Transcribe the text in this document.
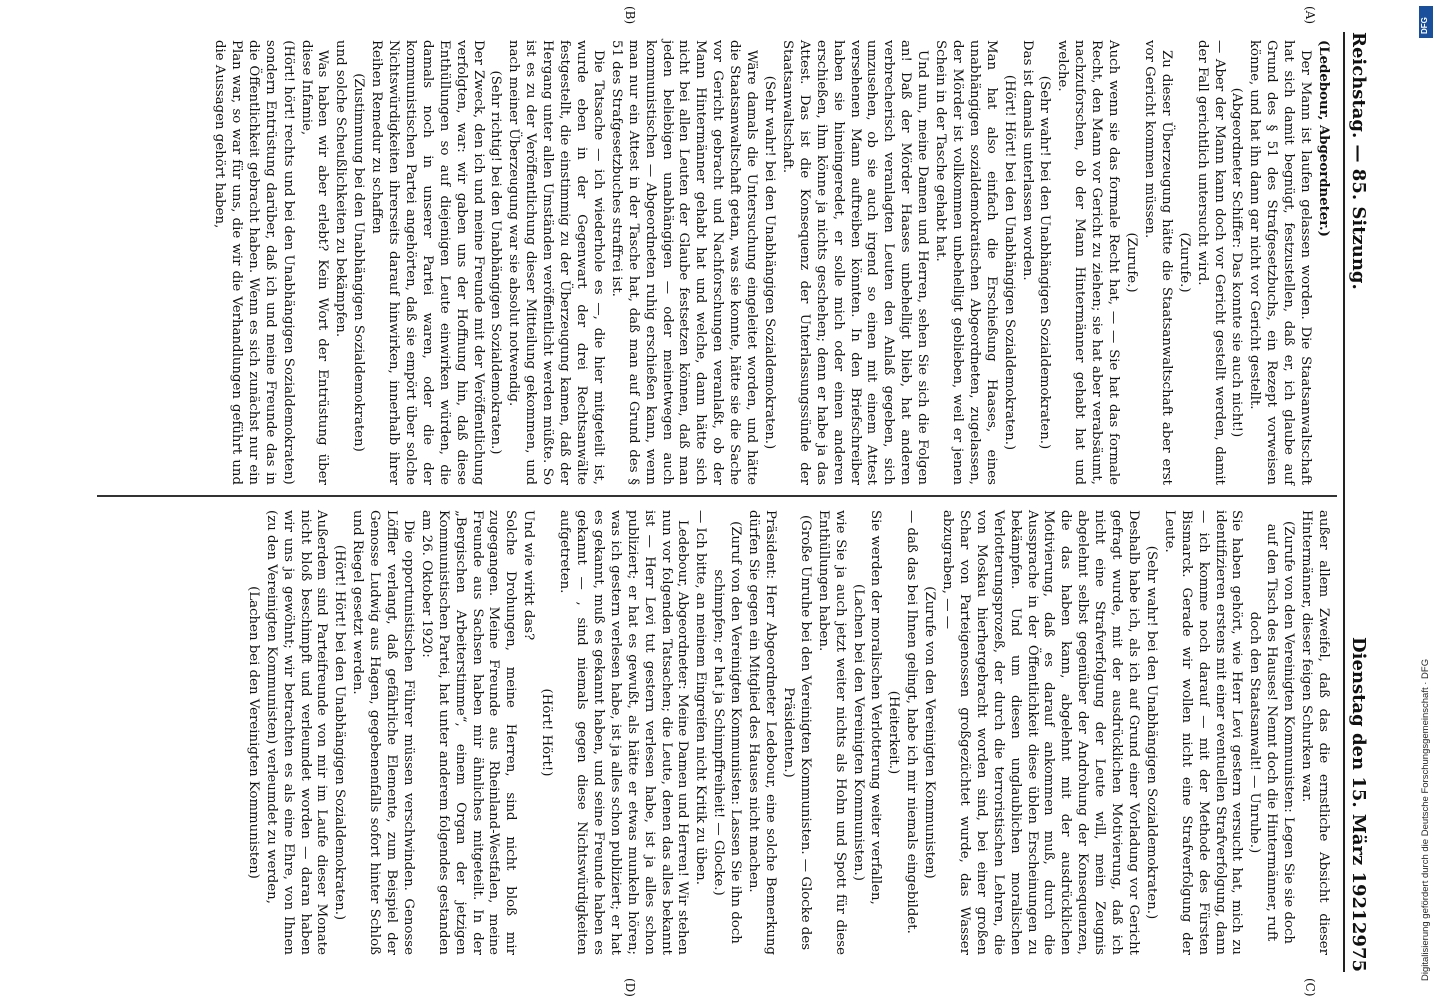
Reichstag. — 85. Sitzung.
Dienstag den 15. März 1921.
2975
(A)
(B)
(C)
(D)

(Ledebour, Abgeordneter.)

Der Mann ist laufen gelassen worden. Die Staatsanwaltschaft hat sich damit begnügt, festzustellen, daß er, ich glaube auf Grund des § 51 des Strafgesetzbuchs, ein Rezept vorweisen könne, und hat ihn dann gar nicht vor Gericht gestellt.

(Abgeordneter Schiffer: Das konnte sie auch nicht!)

— Aber der Mann kann doch vor Gericht gestellt werden, damit der Fall gerichtlich untersucht wird.

(Zurufe.)

Zu dieser Überzeugung hätte die Staatsanwaltschaft aber erst vor Gericht kommen müssen.

(Zurufe.)

Auch wenn sie das formale Recht hat, — — Sie hat das formale Recht, den Mann vor Gericht zu ziehen; sie hat aber verabsäumt, nachzuforschen, ob der Mann Hintermänner gehabt hat und welche.

(Sehr wahr! bei den Unabhängigen Sozialdemokraten.)

Das ist damals unterlassen worden.

(Hört! Hört! bei den Unabhängigen Sozialdemokraten.)

Man hat also einfach die Erschießung Haases, eines unabhängigen sozialdemokratischen Abgeordneten, zugelassen, der Mörder ist vollkommen unbehelligt geblieben, weil er jenen Schein in der Tasche gehabt hat.

Und nun, meine Damen und Herren, sehen Sie sich die Folgen an! Daß der Mörder Haases unbehelligt blieb, hat anderen verbrecherisch veranlagten Leuten den Anlaß gegeben, sich umzusehen, ob sie auch irgend so einen mit einem Attest versehenen Mann auftreiben könnten. In den Briefschreiber haben sie hineingeredet, er solle mich oder einen anderen erschießen, ihm könne ja nichts geschehen; denn er habe ja das Attest. Das ist die Konsequenz der Unterlassungssünde der Staatsanwaltschaft.

(Sehr wahr! bei den Unabhängigen Sozialdemokraten.)

Wäre damals die Untersuchung eingeleitet worden, und hätte die Staatsanwaltschaft getan, was sie konnte, hätte sie die Sache vor Gericht gebracht und Nachforschungen veranlaßt, ob der Mann Hintermänner gehabt hat und welche, dann hätte sich nicht bei allen Leuten der Glaube festsetzen können, daß man jeden beliebigen unabhängigen — oder meinetwegen auch kommunistischen — Abgeordneten ruhig erschießen kann, wenn man nur ein Attest in der Tasche hat, daß man auf Grund des § 51 des Strafgesetzbuches straffrei ist.

Die Tatsache — ich wiederhole es —, die hier mitgeteilt ist, wurde eben in der Gegenwart der drei Rechtsanwälte festgestellt, die einstimmig zu der Überzeugung kamen, daß der Hergang unter allen Umständen veröffentlicht werden müßte. So ist es zu der Veröffentlichung dieser Mitteilung gekommen, und nach meiner Überzeugung war sie absolut notwendig.

(Sehr richtig! bei den Unabhängigen Sozialdemokraten.)

Der Zweck, den ich und meine Freunde mit der Veröffentlichung verfolgten, war: wir gaben uns der Hoffnung hin, daß diese Enthüllungen so auf diejenigen Leute einwirken würden, die damals noch in unserer Partei waren, oder die der kommunistischen Partei angehörten, daß sie empört über solche Nichtswürdigkeiten ihrerseits darauf hinwirken, innerhalb ihrer Reihen Remedur zu schaffen

(Zustimmung bei den Unabhängigen Sozialdemokraten)

und solche Scheußlichkeiten zu bekämpfen.

Was haben wir aber erlebt? Kein Wort der Entrüstung über diese Infamie,

(Hört! hört! rechts und bei den Unabhängigen Sozialdemokraten)

sondern Entrüstung darüber, daß ich und meine Freunde das in die Öffentlichkeit gebracht haben. Wenn es sich zunächst nur ein Plan war, so war für uns, die wir die Verhandlungen geführt und die Aussagen gehört haben,

außer allem Zweifel, daß das die ernstliche Absicht dieser Hintermänner, dieser feigen Schurken war.

(Zurufe von den Vereinigten Kommunisten: Legen Sie sie doch auf den Tisch des Hauses! Nennt doch die Hintermänner, ruft doch den Staatsanwalt! — Unruhe.)

Sie haben gehört, wie Herr Levi gestern versucht hat, mich zu identifizieren erstens mit einer eventuellen Strafverfolgung, dann — ich komme noch darauf — mit der Methode des Fürsten Bismarck. Gerade wir wollen nicht eine Strafverfolgung der Leute.

(Sehr wahr! bei den Unabhängigen Sozialdemokraten.)

Deshalb habe ich, als ich auf Grund einer Vorladung vor Gericht gefragt wurde, mit der ausdrücklichen Motivierung, daß ich nicht eine Strafverfolgung der Leute will, mein Zeugnis abgelehnt selbst gegenüber der Androhung der Konsequenzen, die das haben kann, abgelehnt mit der ausdrücklichen Motivierung, daß es darauf ankommen muß, durch die Aussprache in der Öffentlichkeit diese üblen Erscheinungen zu bekämpfen. Und um diesen unglaublichen moralischen Verlotterungsprozeß, der durch die terroristischen Lehren, die von Moskau hierhergebracht worden sind, bei einer großen Schar von Parteigenossen großgezüchtet wurde, das Wasser abzugraben, — —

(Zurufe von den Vereinigten Kommunisten)

— daß das bei Ihnen gelingt, habe ich mir niemals eingebildet.

(Heiterkeit.)

Sie werden der moralischen Verlotterung weiter verfallen,

(Lachen bei den Vereinigten Kommunisten.)

wie Sie ja auch jetzt weiter nichts als Hohn und Spott für diese Enthüllungen haben.

(Große Unruhe bei den Vereinigten Kommunisten. — Glocke des Präsidenten.)

Präsident: Herr Abgeordneter Ledebour, eine solche Bemerkung dürfen Sie gegen ein Mitglied des Hauses nicht machen.

(Zuruf von den Vereinigten Kommunisten: Lassen Sie ihn doch schimpfen; er hat ja Schimpffreiheit! — Glocke.)

— Ich bitte, an meinem Eingreifen nicht Kritik zu üben.

Ledebour, Abgeordneter: Meine Damen und Herren! Wir stehen nun vor folgenden Tatsachen; die Leute, denen das alles bekannt ist — Herr Levi tut gestern verlesen habe, ist ja alles schon publiziert; er hat es gewußt, als hätte er etwas munkeln hören; was ich gestern verlesen habe, ist ja alles schon publiziert; er hat es gekannt, muß es gekannt haben, und seine Freunde haben es gekannt — , sind niemals gegen diese Nichtswürdigkeiten aufgetreten.

(Hört! Hört!)

Und wie wirkt das?

Solche Drohungen, meine Herren, sind nicht bloß mir zugegangen. Meine Freunde aus Rheinland-Westfalen, meine Freunde aus Sachsen haben mir ähnliches mitgeteilt. In der „Bergischen Arbeiterstimme“, einem Organ der jetzigen Kommunistischen Partei, hat unter anderem folgendes gestanden am 26. Oktober 1920:

Die opportunistischen Führer müssen verschwinden. Genosse Löffler verlangt, daß gefährliche Elemente, zum Beispiel der Genosse Ludwig aus Hagen, gegebenenfalls sofort hinter Schloß und Riegel gesetzt werden.

(Hört! Hört! bei den Unabhängigen Sozialdemokraten.)

Außerdem sind Parteifreunde von mir im Laufe dieser Monate nicht bloß beschimpft und verleumdet worden — daran haben wir uns ja gewöhnt; wir betrachten es als eine Ehre, von Ihnen (zu den Vereinigten Kommunisten) verleumdet zu werden,

(Lachen bei den Vereinigten Kommunisten)	Digitalisierung gefördert durch die Deutsche Forschungsgemeinschaft · DFG
DFG
